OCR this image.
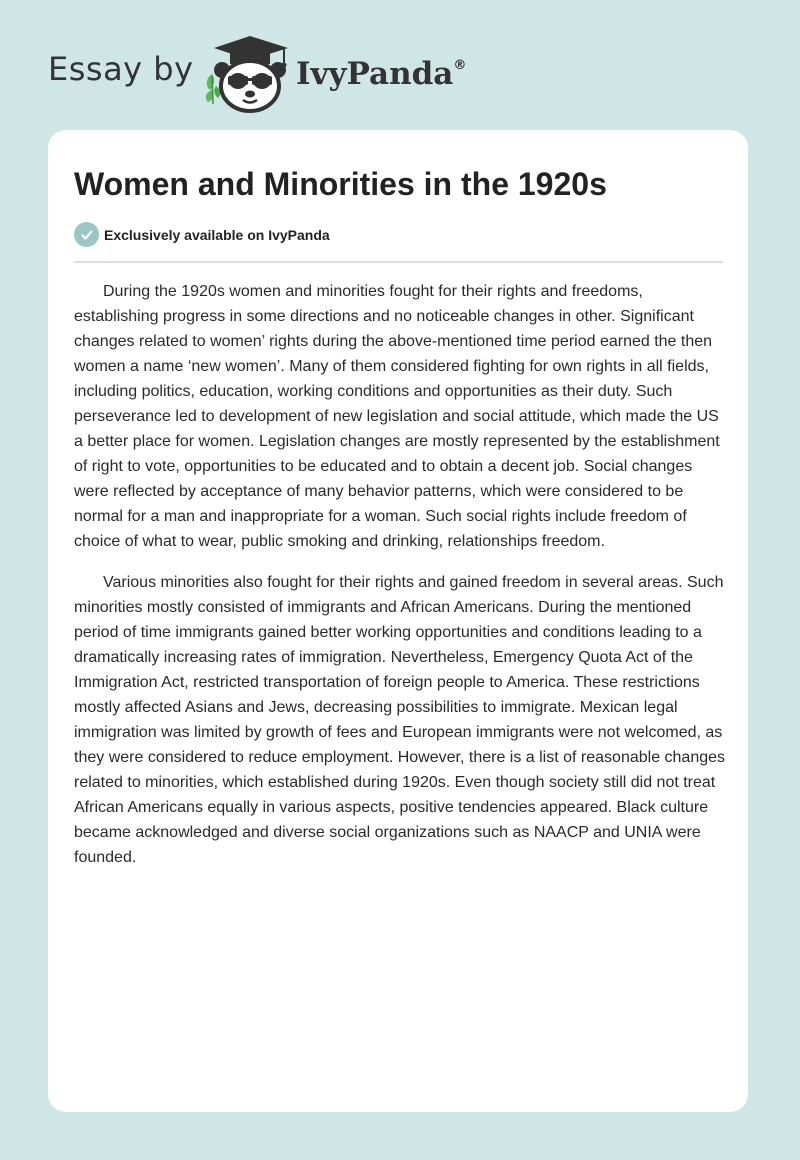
Essay by	IvyPanda®
Women and Minorities in the 1920s
Exclusively available on IvyPanda

During the 1920s women and minorities fought for their rights and freedoms, establishing progress in some directions and no noticeable changes in other. Significant changes related to women’ rights during the above-mentioned time period earned the then women a name ‘new women’. Many of them considered fighting for own rights in all fields, including politics, education, working conditions and opportunities as their duty. Such perseverance led to development of new legislation and social attitude, which made the US a better place for women. Legislation changes are mostly represented by the establishment of right to vote, opportunities to be educated and to obtain a decent job. Social changes were reflected by acceptance of many behavior patterns, which were considered to be normal for a man and inappropriate for a woman. Such social rights include freedom of choice of what to wear, public smoking and drinking, relationships freedom.

Various minorities also fought for their rights and gained freedom in several areas. Such minorities mostly consisted of immigrants and African Americans. During the mentioned period of time immigrants gained better working opportunities and conditions leading to a dramatically increasing rates of immigration. Nevertheless, Emergency Quota Act of the Immigration Act, restricted transportation of foreign people to America. These restrictions mostly affected Asians and Jews, decreasing possibilities to immigrate. Mexican legal immigration was limited by growth of fees and European immigrants were not welcomed, as they were considered to reduce employment. However, there is a list of reasonable changes related to minorities, which established during 1920s. Even though society still did not treat African Americans equally in various aspects, positive tendencies appeared. Black culture became acknowledged and diverse social organizations such as NAACP and UNIA were founded.
